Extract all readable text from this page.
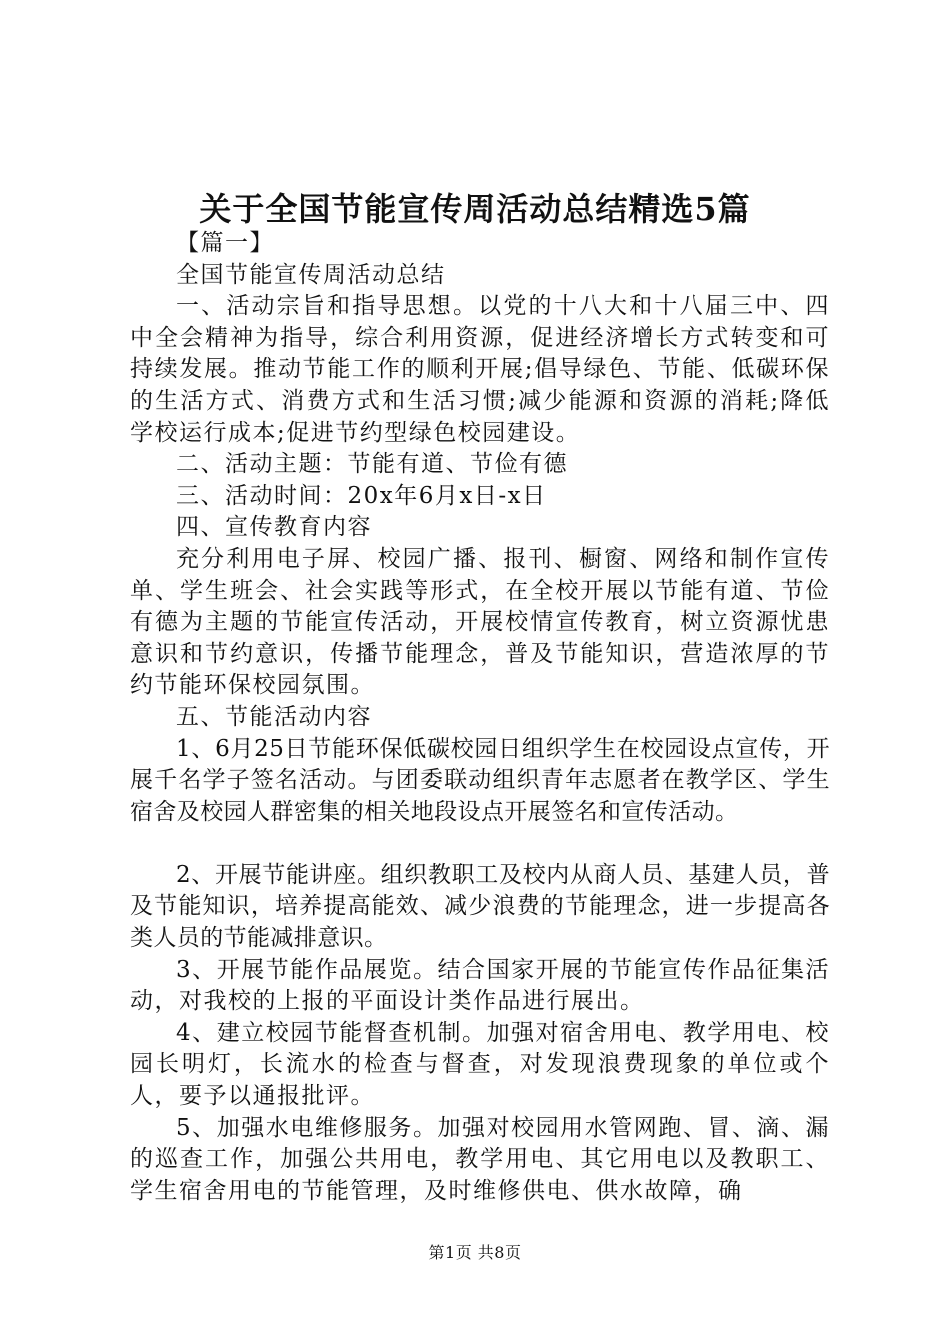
关于全国节能宣传周活动总结精选5篇

【篇一】

全国节能宣传周活动总结

一、活动宗旨和指导思想。以党的十八大和十八届三中、四中全会精神为指导，综合利用资源，促进经济增长方式转变和可持续发展。推动节能工作的顺利开展;倡导绿色、节能、低碳环保的生活方式、消费方式和生活习惯;减少能源和资源的消耗;降低学校运行成本;促进节约型绿色校园建设。

二、活动主题：节能有道、节俭有德

三、活动时间：20x年6月x日-x日

四、宣传教育内容

充分利用电子屏、校园广播、报刊、橱窗、网络和制作宣传单、学生班会、社会实践等形式，在全校开展以节能有道、节俭有德为主题的节能宣传活动，开展校情宣传教育，树立资源忧患意识和节约意识，传播节能理念，普及节能知识，营造浓厚的节约节能环保校园氛围。

五、节能活动内容

1、6月25日节能环保低碳校园日组织学生在校园设点宣传，开展千名学子签名活动。与团委联动组织青年志愿者在教学区、学生宿舍及校园人群密集的相关地段设点开展签名和宣传活动。

2、开展节能讲座。组织教职工及校内从商人员、基建人员，普及节能知识，培养提高能效、减少浪费的节能理念，进一步提高各类人员的节能减排意识。

3、开展节能作品展览。结合国家开展的节能宣传作品征集活动，对我校的上报的平面设计类作品进行展出。

4、建立校园节能督查机制。加强对宿舍用电、教学用电、校园长明灯，长流水的检查与督查，对发现浪费现象的单位或个人，要予以通报批评。

5、加强水电维修服务。加强对校园用水管网跑、冒、滴、漏的巡查工作，加强公共用电，教学用电、其它用电以及教职工、学生宿舍用电的节能管理，及时维修供电、供水故障，确

第1页 共8页
